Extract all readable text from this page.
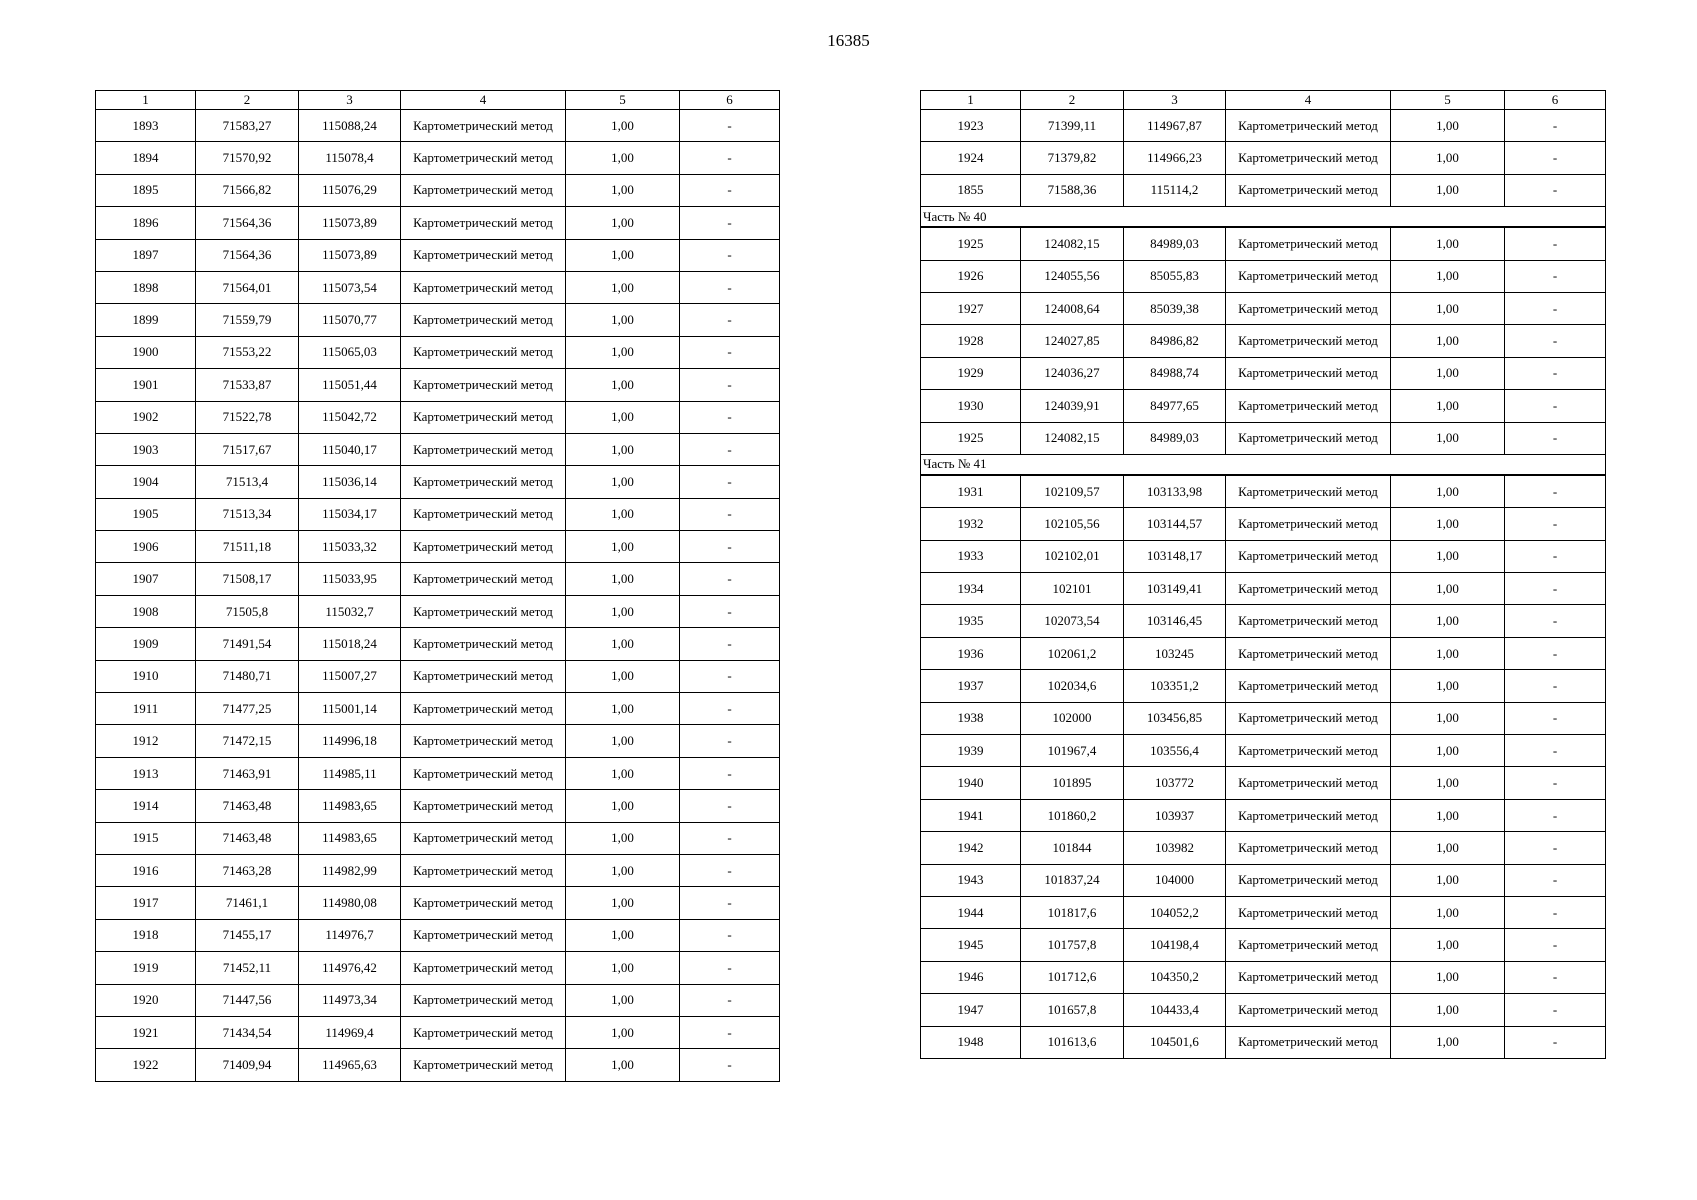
16385
1	2	3	4	5	6
1893	71583,27	115088,24	Картометрический метод	1,00	-
1894	71570,92	115078,4	Картометрический метод	1,00	-
1895	71566,82	115076,29	Картометрический метод	1,00	-
1896	71564,36	115073,89	Картометрический метод	1,00	-
1897	71564,36	115073,89	Картометрический метод	1,00	-
1898	71564,01	115073,54	Картометрический метод	1,00	-
1899	71559,79	115070,77	Картометрический метод	1,00	-
1900	71553,22	115065,03	Картометрический метод	1,00	-
1901	71533,87	115051,44	Картометрический метод	1,00	-
1902	71522,78	115042,72	Картометрический метод	1,00	-
1903	71517,67	115040,17	Картометрический метод	1,00	-
1904	71513,4	115036,14	Картометрический метод	1,00	-
1905	71513,34	115034,17	Картометрический метод	1,00	-
1906	71511,18	115033,32	Картометрический метод	1,00	-
1907	71508,17	115033,95	Картометрический метод	1,00	-
1908	71505,8	115032,7	Картометрический метод	1,00	-
1909	71491,54	115018,24	Картометрический метод	1,00	-
1910	71480,71	115007,27	Картометрический метод	1,00	-
1911	71477,25	115001,14	Картометрический метод	1,00	-
1912	71472,15	114996,18	Картометрический метод	1,00	-
1913	71463,91	114985,11	Картометрический метод	1,00	-
1914	71463,48	114983,65	Картометрический метод	1,00	-
1915	71463,48	114983,65	Картометрический метод	1,00	-
1916	71463,28	114982,99	Картометрический метод	1,00	-
1917	71461,1	114980,08	Картометрический метод	1,00	-
1918	71455,17	114976,7	Картометрический метод	1,00	-
1919	71452,11	114976,42	Картометрический метод	1,00	-
1920	71447,56	114973,34	Картометрический метод	1,00	-
1921	71434,54	114969,4	Картометрический метод	1,00	-
1922	71409,94	114965,63	Картометрический метод	1,00	-
1	2	3	4	5	6
1923	71399,11	114967,87	Картометрический метод	1,00	-
1924	71379,82	114966,23	Картометрический метод	1,00	-
1855	71588,36	115114,2	Картометрический метод	1,00	-
Часть № 40					
1925	124082,15	84989,03	Картометрический метод	1,00	-
1926	124055,56	85055,83	Картометрический метод	1,00	-
1927	124008,64	85039,38	Картометрический метод	1,00	-
1928	124027,85	84986,82	Картометрический метод	1,00	-
1929	124036,27	84988,74	Картометрический метод	1,00	-
1930	124039,91	84977,65	Картометрический метод	1,00	-
1925	124082,15	84989,03	Картометрический метод	1,00	-
Часть № 41					
1931	102109,57	103133,98	Картометрический метод	1,00	-
1932	102105,56	103144,57	Картометрический метод	1,00	-
1933	102102,01	103148,17	Картометрический метод	1,00	-
1934	102101	103149,41	Картометрический метод	1,00	-
1935	102073,54	103146,45	Картометрический метод	1,00	-
1936	102061,2	103245	Картометрический метод	1,00	-
1937	102034,6	103351,2	Картометрический метод	1,00	-
1938	102000	103456,85	Картометрический метод	1,00	-
1939	101967,4	103556,4	Картометрический метод	1,00	-
1940	101895	103772	Картометрический метод	1,00	-
1941	101860,2	103937	Картометрический метод	1,00	-
1942	101844	103982	Картометрический метод	1,00	-
1943	101837,24	104000	Картометрический метод	1,00	-
1944	101817,6	104052,2	Картометрический метод	1,00	-
1945	101757,8	104198,4	Картометрический метод	1,00	-
1946	101712,6	104350,2	Картометрический метод	1,00	-
1947	101657,8	104433,4	Картометрический метод	1,00	-
1948	101613,6	104501,6	Картометрический метод	1,00	-
